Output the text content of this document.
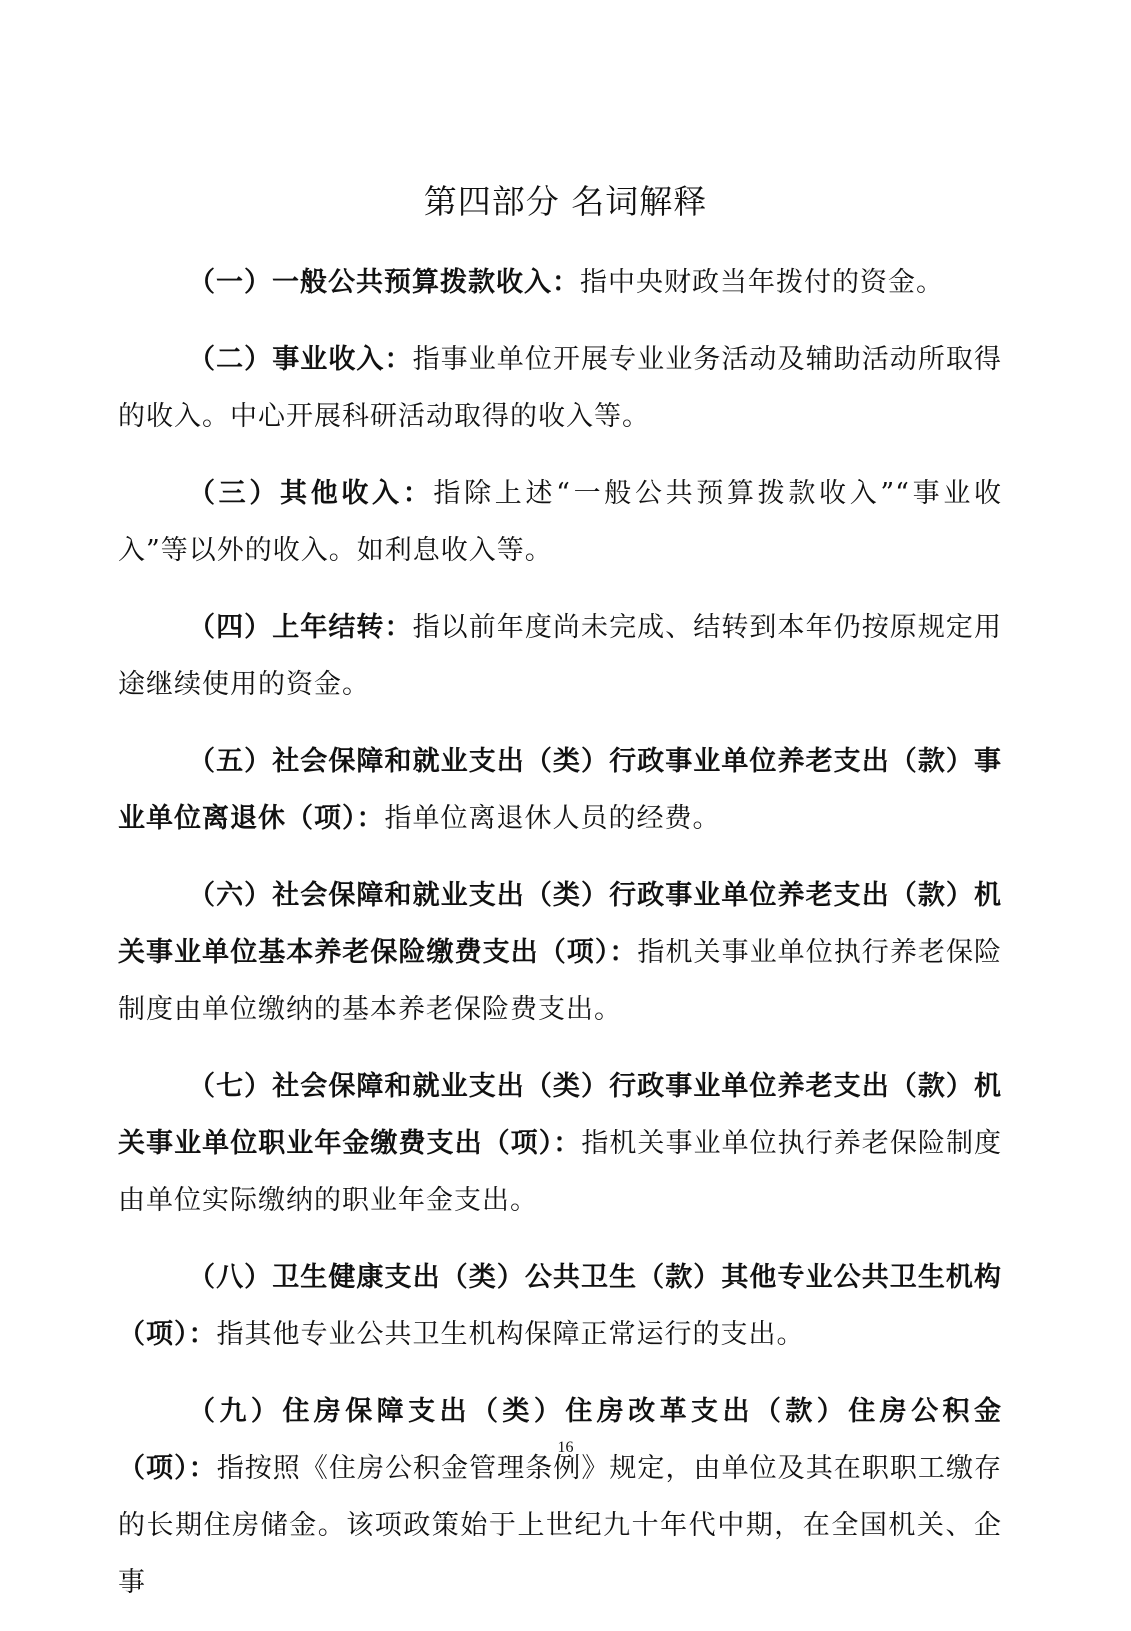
第四部分 名词解释

（一）一般公共预算拨款收入：指中央财政当年拨付的资金。

（二）事业收入：指事业单位开展专业业务活动及辅助活动所取得的收入。中心开展科研活动取得的收入等。

（三）其他收入：指除上述“一般公共预算拨款收入”“事业收入”等以外的收入。如利息收入等。

（四）上年结转：指以前年度尚未完成、结转到本年仍按原规定用途继续使用的资金。

（五）社会保障和就业支出（类）行政事业单位养老支出（款）事业单位离退休（项）：指单位离退休人员的经费。

（六）社会保障和就业支出（类）行政事业单位养老支出（款）机关事业单位基本养老保险缴费支出（项）：指机关事业单位执行养老保险制度由单位缴纳的基本养老保险费支出。

（七）社会保障和就业支出（类）行政事业单位养老支出（款）机关事业单位职业年金缴费支出（项）：指机关事业单位执行养老保险制度由单位实际缴纳的职业年金支出。

（八）卫生健康支出（类）公共卫生（款）其他专业公共卫生机构（项）：指其他专业公共卫生机构保障正常运行的支出。

（九）住房保障支出（类）住房改革支出（款）住房公积金（项）：指按照《住房公积金管理条例》规定，由单位及其在职职工缴存的长期住房储金。该项政策始于上世纪九十年代中期，在全国机关、企事

16
